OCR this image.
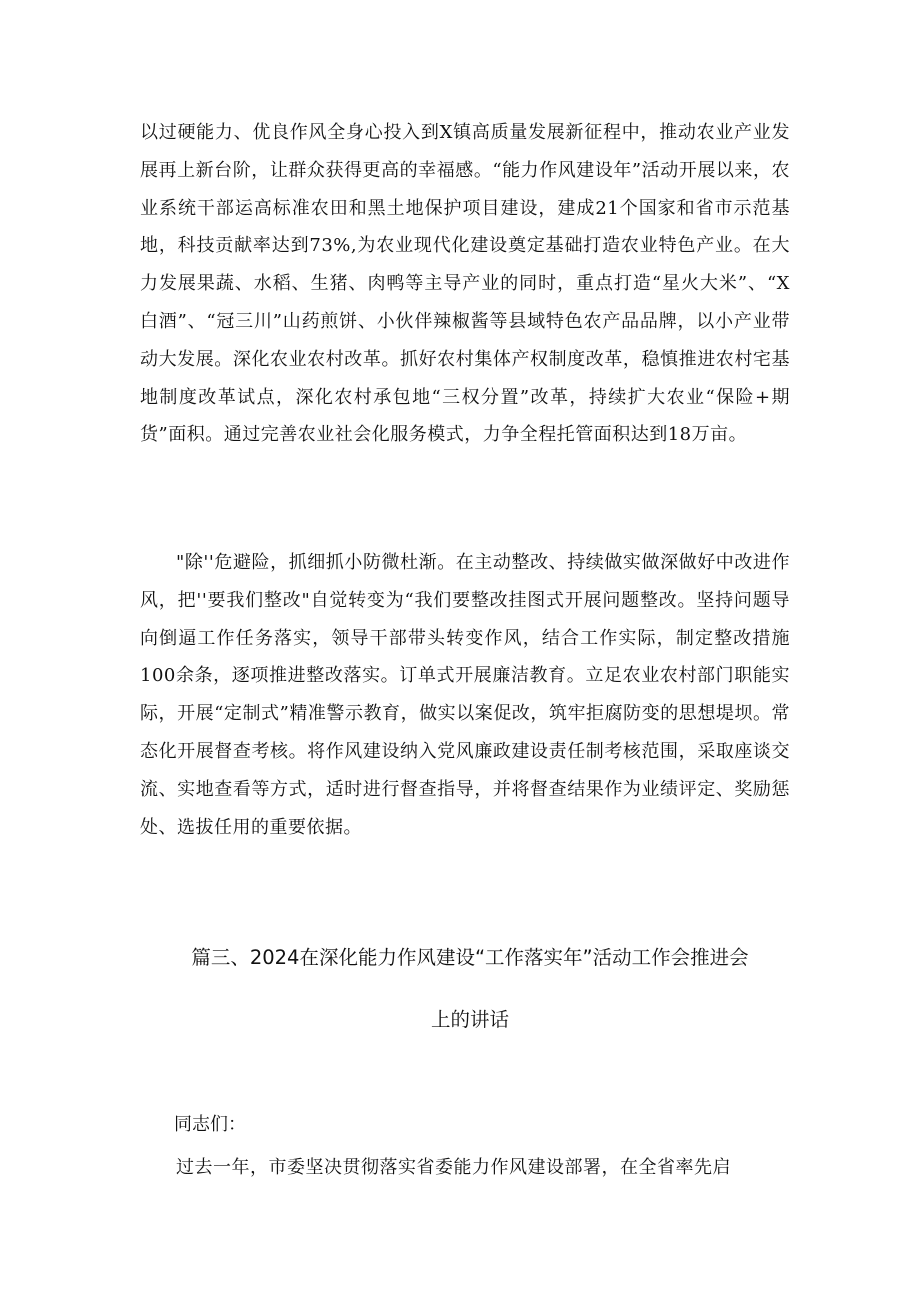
以过硬能力、优良作风全身心投入到X镇高质量发展新征程中，推动农业产业发展再上新台阶，让群众获得更高的幸福感。“能力作风建设年”活动开展以来，农业系统干部运高标准农田和黑土地保护项目建设，建成21个国家和省市示范基地，科技贡献率达到73%,为农业现代化建设奠定基础打造农业特色产业。在大力发展果蔬、水稻、生猪、肉鸭等主导产业的同时，重点打造“星火大米”、“X白酒”、“冠三川”山药煎饼、小伙伴辣椒酱等县域特色农产品品牌，以小产业带动大发展。深化农业农村改革。抓好农村集体产权制度改革，稳慎推进农村宅基地制度改革试点，深化农村承包地“三权分置”改革，持续扩大农业“保险+期货”面积。通过完善农业社会化服务模式，力争全程托管面积达到18万亩。

"除''危避险，抓细抓小防微杜渐。在主动整改、持续做实做深做好中改进作风，把''要我们整改"自觉转变为“我们要整改挂图式开展问题整改。坚持问题导向倒逼工作任务落实，领导干部带头转变作风，结合工作实际，制定整改措施100余条，逐项推进整改落实。订单式开展廉洁教育。立足农业农村部门职能实际，开展“定制式”精准警示教育，做实以案促改，筑牢拒腐防变的思想堤坝。常态化开展督查考核。将作风建设纳入党风廉政建设责任制考核范围，采取座谈交流、实地查看等方式，适时进行督查指导，并将督查结果作为业绩评定、奖励惩处、选拔任用的重要依据。

篇三、2024在深化能力作风建设“工作落实年”活动工作会推进会
上的讲话

同志们：

过去一年，市委坚决贯彻落实省委能力作风建设部署，在全省率先启
